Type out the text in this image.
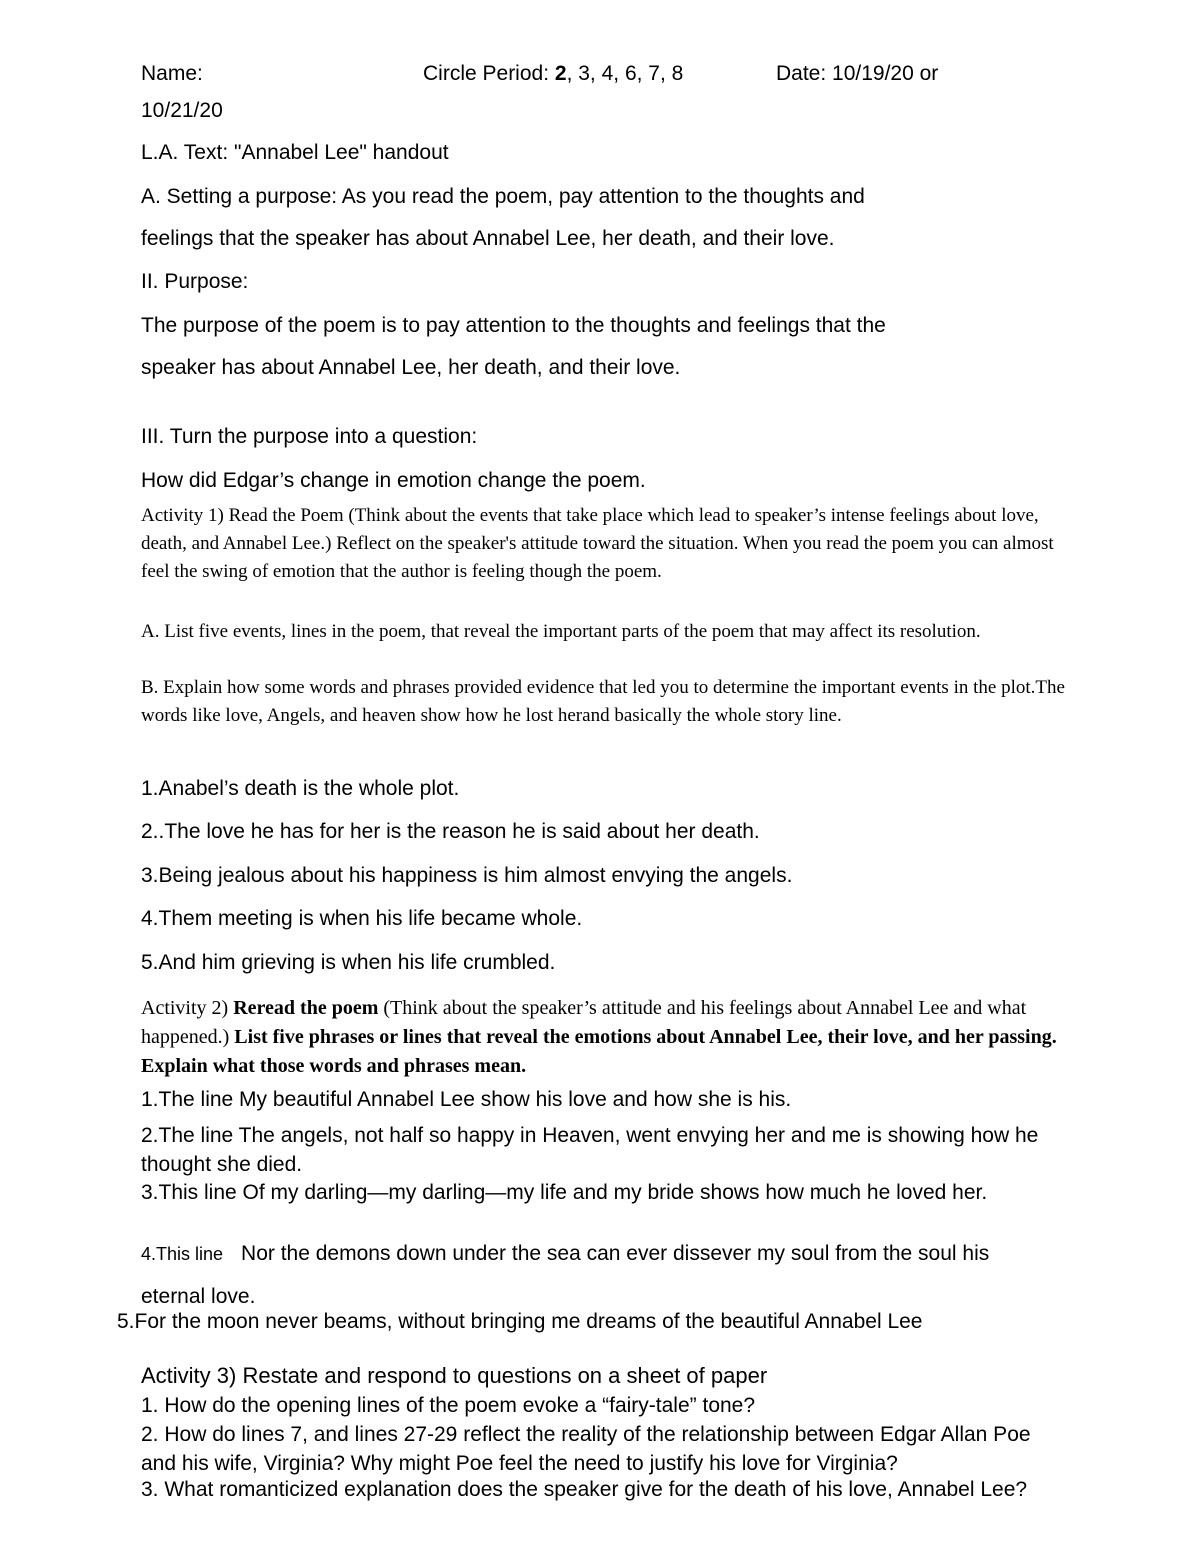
Name:	Circle Period: 2, 3, 4, 6, 7, 8	Date: 10/19/20 or
10/21/20
L.A. Text: "Annabel Lee" handout
A. Setting a purpose: As you read the poem, pay attention to the thoughts and
feelings that the speaker has about Annabel Lee, her death, and their love.
II. Purpose:
The purpose of the poem is to pay attention to the thoughts and feelings that the
speaker has about Annabel Lee, her death, and their love.
III. Turn the purpose into a question:
How did Edgar’s change in emotion change the poem.
Activity 1) Read the Poem (Think about the events that take place which lead to speaker’s intense feelings about love, death, and Annabel Lee.) Reflect on the speaker's attitude toward the situation. When you read the poem you can almost feel the swing of emotion that the author is feeling though the poem.
A. List five events, lines in the poem, that reveal the important parts of the poem that may affect its resolution.
B. Explain how some words and phrases provided evidence that led you to determine the important events in the plot.The words like love, Angels, and heaven show how he lost herand basically the whole story line.
1.Anabel’s death is the whole plot.
2..The love he has for her is the reason he is said about her death.
3.Being jealous about his happiness is him almost envying the angels.
4.Them meeting is when his life became whole.
5.And him grieving is when his life crumbled.
Activity 2) Reread the poem (Think about the speaker’s attitude and his feelings about Annabel Lee and what happened.) List five phrases or lines that reveal the emotions about Annabel Lee, their love, and her passing. Explain what those words and phrases mean.
1.The line My beautiful Annabel Lee show his love and how she is his.
2.The line The angels, not half so happy in Heaven, went envying her and me is showing how he thought she died.
3.This line Of my darling—my darling—my life and my bride shows how much he loved her.
4.This line Nor the demons down under the sea can ever dissever my soul from the soul his
eternal love.
5.For the moon never beams, without bringing me dreams of the beautiful Annabel Lee
Activity 3) Restate and respond to questions on a sheet of paper
1. How do the opening lines of the poem evoke a “fairy-tale” tone?
2. How do lines 7, and lines 27-29 reflect the reality of the relationship between Edgar Allan Poe and his wife, Virginia? Why might Poe feel the need to justify his love for Virginia?
3. What romanticized explanation does the speaker give for the death of his love, Annabel Lee?
